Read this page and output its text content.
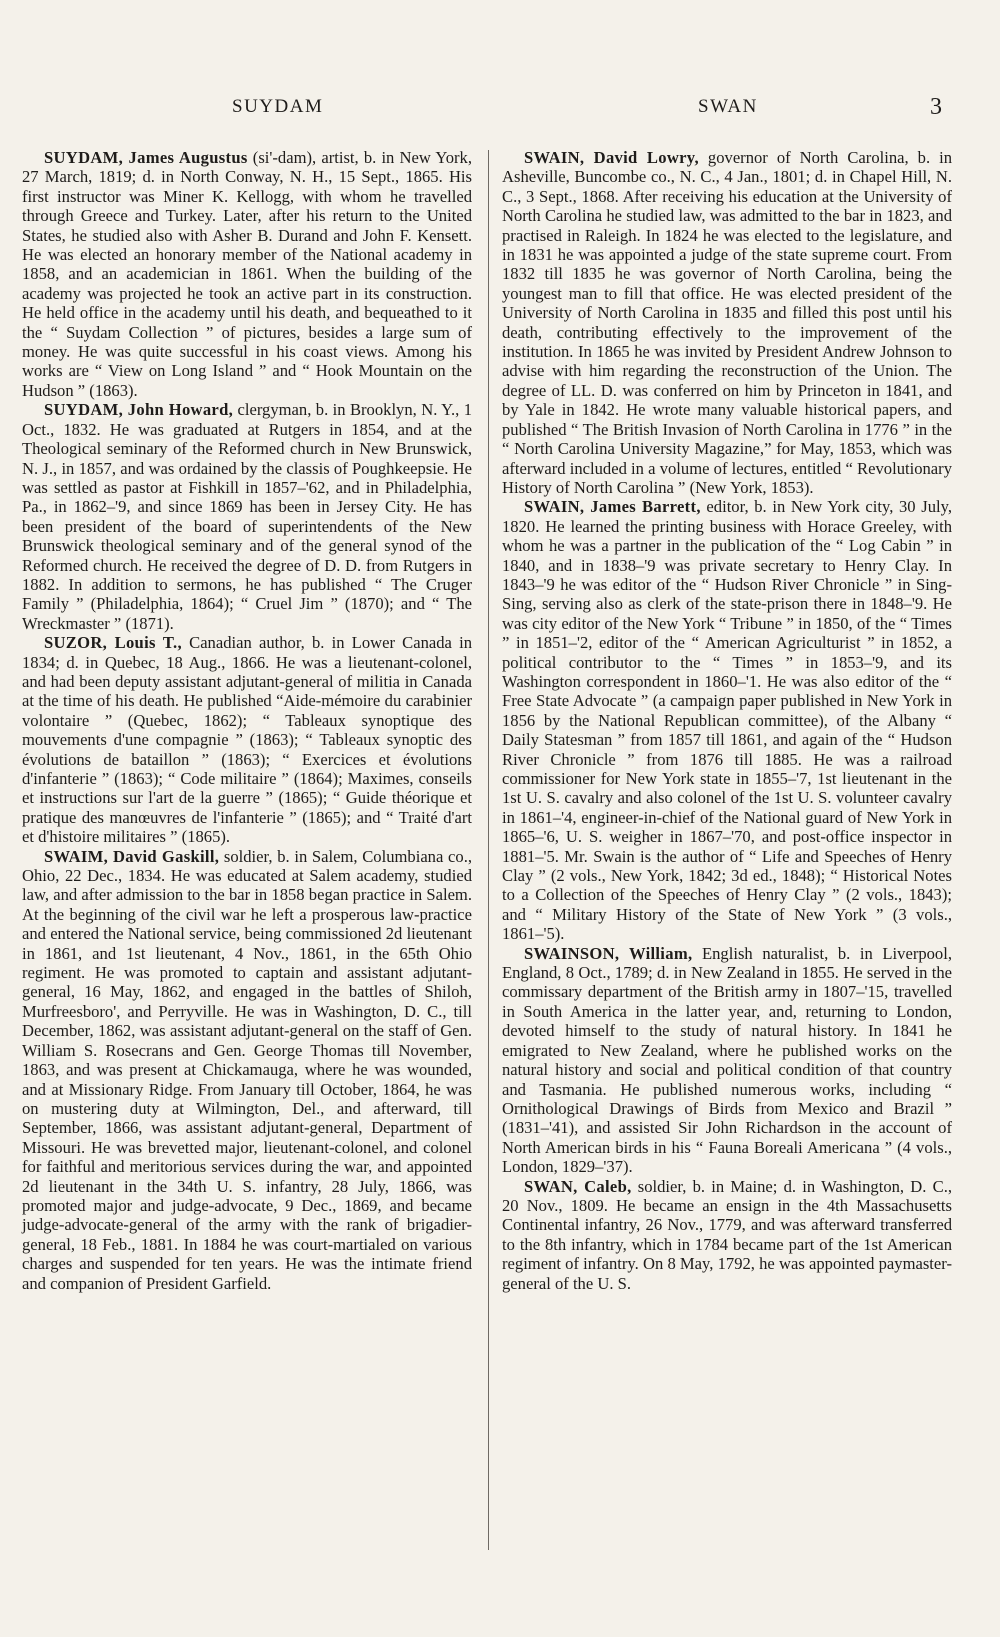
SUYDAM	SWAN	3

SUYDAM, James Augustus (si'-dam), artist, b. in New York, 27 March, 1819; d. in North Conway, N. H., 15 Sept., 1865. His first instructor was Miner K. Kellogg, with whom he travelled through Greece and Turkey. Later, after his return to the United States, he studied also with Asher B. Durand and John F. Kensett. He was elected an honorary member of the National academy in 1858, and an academician in 1861. When the building of the academy was projected he took an active part in its construction. He held office in the academy until his death, and bequeathed to it the “ Suydam Collection ” of pictures, besides a large sum of money. He was quite successful in his coast views. Among his works are “ View on Long Island ” and “ Hook Mountain on the Hudson ” (1863).

SUYDAM, John Howard, clergyman, b. in Brooklyn, N. Y., 1 Oct., 1832. He was graduated at Rutgers in 1854, and at the Theological seminary of the Reformed church in New Brunswick, N. J., in 1857, and was ordained by the classis of Poughkeepsie. He was settled as pastor at Fishkill in 1857–'62, and in Philadelphia, Pa., in 1862–'9, and since 1869 has been in Jersey City. He has been president of the board of superintendents of the New Brunswick theological seminary and of the general synod of the Reformed church. He received the degree of D. D. from Rutgers in 1882. In addition to sermons, he has published “ The Cruger Family ” (Philadelphia, 1864); “ Cruel Jim ” (1870); and “ The Wreckmaster ” (1871).

SUZOR, Louis T., Canadian author, b. in Lower Canada in 1834; d. in Quebec, 18 Aug., 1866. He was a lieutenant-colonel, and had been deputy assistant adjutant-general of militia in Canada at the time of his death. He published “Aide-mémoire du carabinier volontaire ” (Quebec, 1862); “ Tableaux synoptique des mouvements d'une compagnie ” (1863); “ Tableaux synoptic des évolutions de bataillon ” (1863); “ Exercices et évolutions d'infanterie ” (1863); “ Code militaire ” (1864); Maximes, conseils et instructions sur l'art de la guerre ” (1865); “ Guide théorique et pratique des manœuvres de l'infanterie ” (1865); and “ Traité d'art et d'histoire militaires ” (1865).

SWAIM, David Gaskill, soldier, b. in Salem, Columbiana co., Ohio, 22 Dec., 1834. He was educated at Salem academy, studied law, and after admission to the bar in 1858 began practice in Salem. At the beginning of the civil war he left a prosperous law-practice and entered the National service, being commissioned 2d lieutenant in 1861, and 1st lieutenant, 4 Nov., 1861, in the 65th Ohio regiment. He was promoted to captain and assistant adjutant-general, 16 May, 1862, and engaged in the battles of Shiloh, Murfreesboro', and Perryville. He was in Washington, D. C., till December, 1862, was assistant adjutant-general on the staff of Gen. William S. Rosecrans and Gen. George Thomas till November, 1863, and was present at Chickamauga, where he was wounded, and at Missionary Ridge. From January till October, 1864, he was on mustering duty at Wilmington, Del., and afterward, till September, 1866, was assistant adjutant-general, Department of Missouri. He was brevetted major, lieutenant-colonel, and colonel for faithful and meritorious services during the war, and appointed 2d lieutenant in the 34th U. S. infantry, 28 July, 1866, was promoted major and judge-advocate, 9 Dec., 1869, and became judge-advocate-general of the army with the rank of brigadier-general, 18 Feb., 1881. In 1884 he was court-martialed on various charges and suspended for ten years. He was the intimate friend and companion of President Garfield.

SWAIN, David Lowry, governor of North Carolina, b. in Asheville, Buncombe co., N. C., 4 Jan., 1801; d. in Chapel Hill, N. C., 3 Sept., 1868. After receiving his education at the University of North Carolina he studied law, was admitted to the bar in 1823, and practised in Raleigh. In 1824 he was elected to the legislature, and in 1831 he was appointed a judge of the state supreme court. From 1832 till 1835 he was governor of North Carolina, being the youngest man to fill that office. He was elected president of the University of North Carolina in 1835 and filled this post until his death, contributing effectively to the improvement of the institution. In 1865 he was invited by President Andrew Johnson to advise with him regarding the reconstruction of the Union. The degree of LL. D. was conferred on him by Princeton in 1841, and by Yale in 1842. He wrote many valuable historical papers, and published “ The British Invasion of North Carolina in 1776 ” in the “ North Carolina University Magazine,” for May, 1853, which was afterward included in a volume of lectures, entitled “ Revolutionary History of North Carolina ” (New York, 1853).

SWAIN, James Barrett, editor, b. in New York city, 30 July, 1820. He learned the printing business with Horace Greeley, with whom he was a partner in the publication of the “ Log Cabin ” in 1840, and in 1838–'9 was private secretary to Henry Clay. In 1843–'9 he was editor of the “ Hudson River Chronicle ” in Sing-Sing, serving also as clerk of the state-prison there in 1848–'9. He was city editor of the New York “ Tribune ” in 1850, of the “ Times ” in 1851–'2, editor of the “ American Agriculturist ” in 1852, a political contributor to the “ Times ” in 1853–'9, and its Washington correspondent in 1860–'1. He was also editor of the “ Free State Advocate ” (a campaign paper published in New York in 1856 by the National Republican committee), of the Albany “ Daily Statesman ” from 1857 till 1861, and again of the “ Hudson River Chronicle ” from 1876 till 1885. He was a railroad commissioner for New York state in 1855–'7, 1st lieutenant in the 1st U. S. cavalry and also colonel of the 1st U. S. volunteer cavalry in 1861–'4, engineer-in-chief of the National guard of New York in 1865–'6, U. S. weigher in 1867–'70, and post-office inspector in 1881–'5. Mr. Swain is the author of “ Life and Speeches of Henry Clay ” (2 vols., New York, 1842; 3d ed., 1848); “ Historical Notes to a Collection of the Speeches of Henry Clay ” (2 vols., 1843); and “ Military History of the State of New York ” (3 vols., 1861–'5).

SWAINSON, William, English naturalist, b. in Liverpool, England, 8 Oct., 1789; d. in New Zealand in 1855. He served in the commissary department of the British army in 1807–'15, travelled in South America in the latter year, and, returning to London, devoted himself to the study of natural history. In 1841 he emigrated to New Zealand, where he published works on the natural history and social and political condition of that country and Tasmania. He published numerous works, including “ Ornithological Drawings of Birds from Mexico and Brazil ” (1831–'41), and assisted Sir John Richardson in the account of North American birds in his “ Fauna Boreali Americana ” (4 vols., London, 1829–'37).

SWAN, Caleb, soldier, b. in Maine; d. in Washington, D. C., 20 Nov., 1809. He became an ensign in the 4th Massachusetts Continental infantry, 26 Nov., 1779, and was afterward transferred to the 8th infantry, which in 1784 became part of the 1st American regiment of infantry. On 8 May, 1792, he was appointed paymaster-general of the U. S.
